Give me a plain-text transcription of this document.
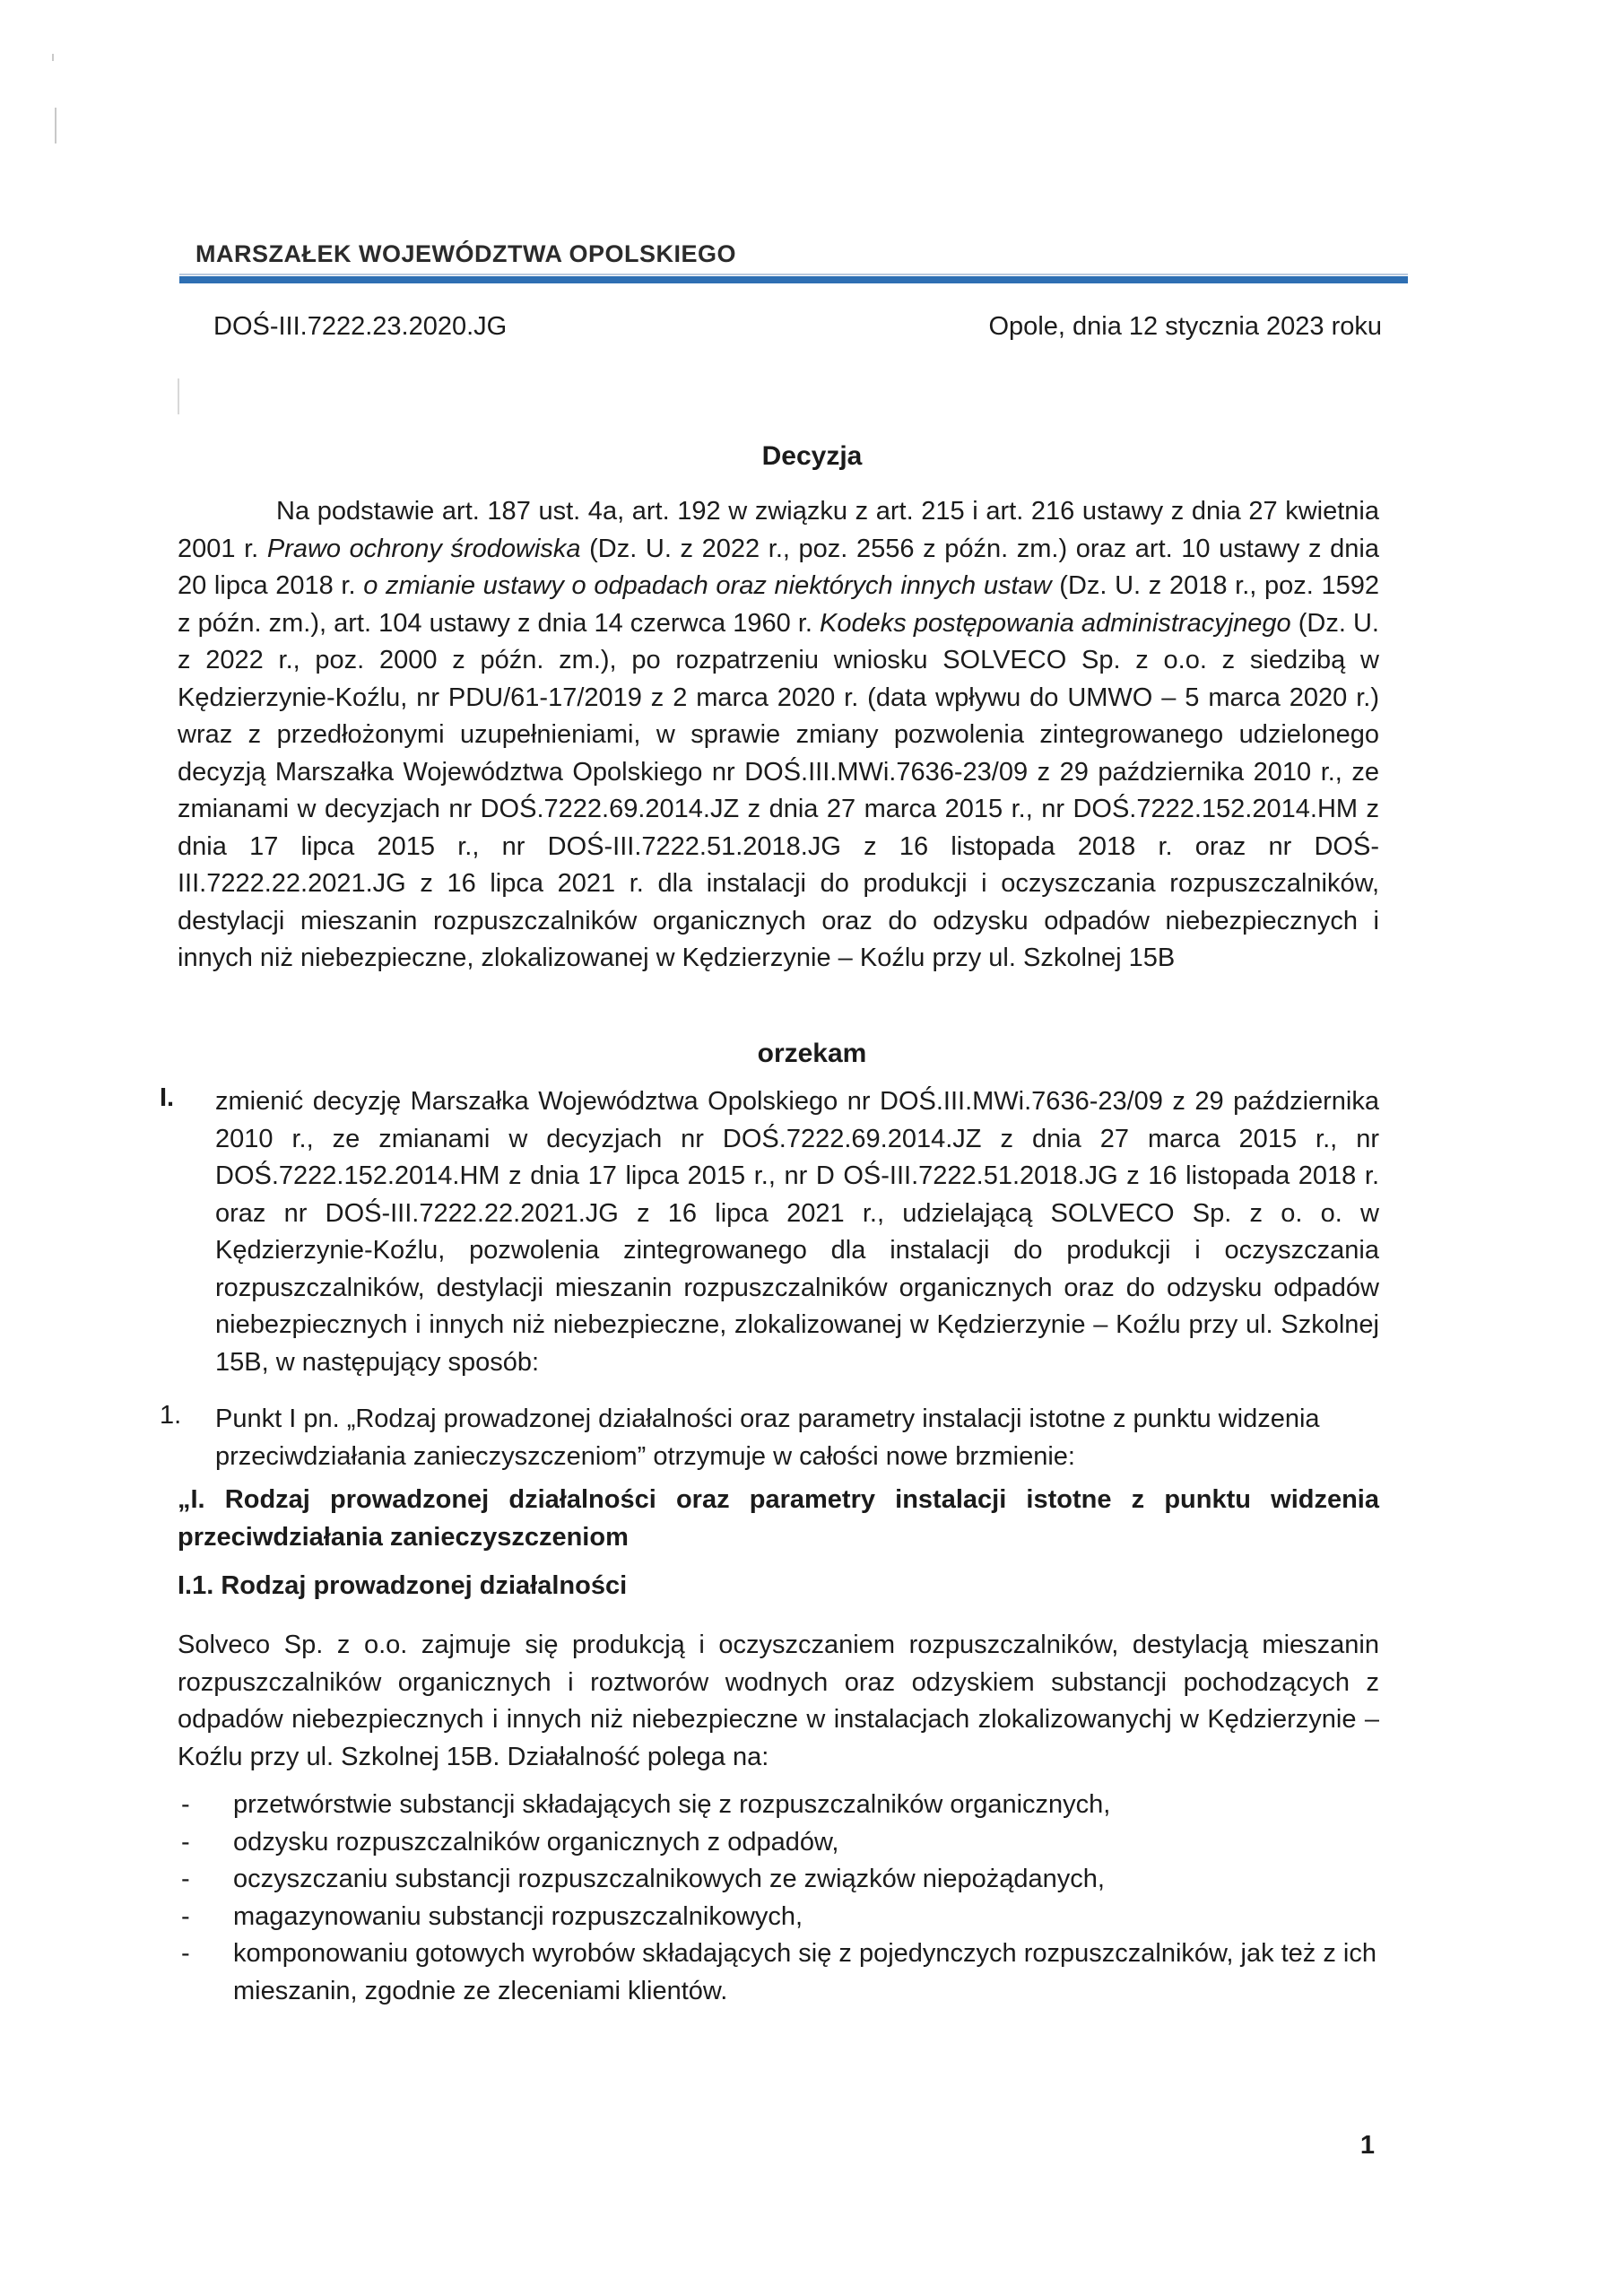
MARSZAŁEK WOJEWÓDZTWA OPOLSKIEGO
DOŚ-III.7222.23.2020.JG	Opole, dnia 12 stycznia 2023 roku
Decyzja
Na podstawie art. 187 ust. 4a, art. 192 w związku z art. 215 i art. 216 ustawy z dnia 27 kwietnia 2001 r. Prawo ochrony środowiska (Dz. U. z 2022 r., poz. 2556 z późn. zm.) oraz art. 10 ustawy z dnia 20 lipca 2018 r. o zmianie ustawy o odpadach oraz niektórych innych ustaw (Dz. U. z 2018 r., poz. 1592 z późn. zm.), art. 104 ustawy z dnia 14 czerwca 1960 r. Kodeks postępowania administracyjnego (Dz. U. z 2022 r., poz. 2000 z późn. zm.), po rozpatrzeniu wniosku SOLVECO Sp. z o.o. z siedzibą w Kędzierzynie-Koźlu, nr PDU/61-17/2019 z 2 marca 2020 r. (data wpływu do UMWO – 5 marca 2020 r.) wraz z przedłożonymi uzupełnieniami, w sprawie zmiany pozwolenia zintegrowanego udzielonego decyzją Marszałka Województwa Opolskiego nr DOŚ.III.MWi.7636-23/09 z 29 października 2010 r., ze zmianami w decyzjach nr DOŚ.7222.69.2014.JZ z dnia 27 marca 2015 r., nr DOŚ.7222.152.2014.HM z dnia 17 lipca 2015 r., nr DOŚ-III.7222.51.2018.JG z 16 listopada 2018 r. oraz nr DOŚ-III.7222.22.2021.JG z 16 lipca 2021 r. dla instalacji do produkcji i oczyszczania rozpuszczalników, destylacji mieszanin rozpuszczalników organicznych oraz do odzysku odpadów niebezpiecznych i innych niż niebezpieczne, zlokalizowanej w Kędzierzynie – Koźlu przy ul. Szkolnej 15B
orzekam
I. zmienić decyzję Marszałka Województwa Opolskiego nr DOŚ.III.MWi.7636-23/09 z 29 października 2010 r., ze zmianami w decyzjach nr DOŚ.7222.69.2014.JZ z dnia 27 marca 2015 r., nr DOŚ.7222.152.2014.HM z dnia 17 lipca 2015 r., nr D OŚ-III.7222.51.2018.JG z 16 listopada 2018 r. oraz nr DOŚ-III.7222.22.2021.JG z 16 lipca 2021 r., udzielającą SOLVECO Sp. z o. o. w Kędzierzynie-Koźlu, pozwolenia zintegrowanego dla instalacji do produkcji i oczyszczania rozpuszczalników, destylacji mieszanin rozpuszczalników organicznych oraz do odzysku odpadów niebezpiecznych i innych niż niebezpieczne, zlokalizowanej w Kędzierzynie – Koźlu przy ul. Szkolnej 15B, w następujący sposób:
1. Punkt I pn. „Rodzaj prowadzonej działalności oraz parametry instalacji istotne z punktu widzenia przeciwdziałania zanieczyszczeniom” otrzymuje w całości nowe brzmienie:
„I. Rodzaj prowadzonej działalności oraz parametry instalacji istotne z punktu widzenia przeciwdziałania zanieczyszczeniom
I.1. Rodzaj prowadzonej działalności
Solveco Sp. z o.o. zajmuje się produkcją i oczyszczaniem rozpuszczalników, destylacją mieszanin rozpuszczalników organicznych i roztworów wodnych oraz odzyskiem substancji pochodzących z odpadów niebezpiecznych i innych niż niebezpieczne w instalacjach zlokalizowanychj w Kędzierzynie –Koźlu przy ul. Szkolnej 15B. Działalność polega na:
- przetwórstwie substancji składających się z rozpuszczalników organicznych,
- odzysku rozpuszczalników organicznych z odpadów,
- oczyszczaniu substancji rozpuszczalnikowych ze związków niepożądanych,
- magazynowaniu substancji rozpuszczalnikowych,
- komponowaniu gotowych wyrobów składających się z pojedynczych rozpuszczalników, jak też z ich mieszanin, zgodnie ze zleceniami klientów.
1
